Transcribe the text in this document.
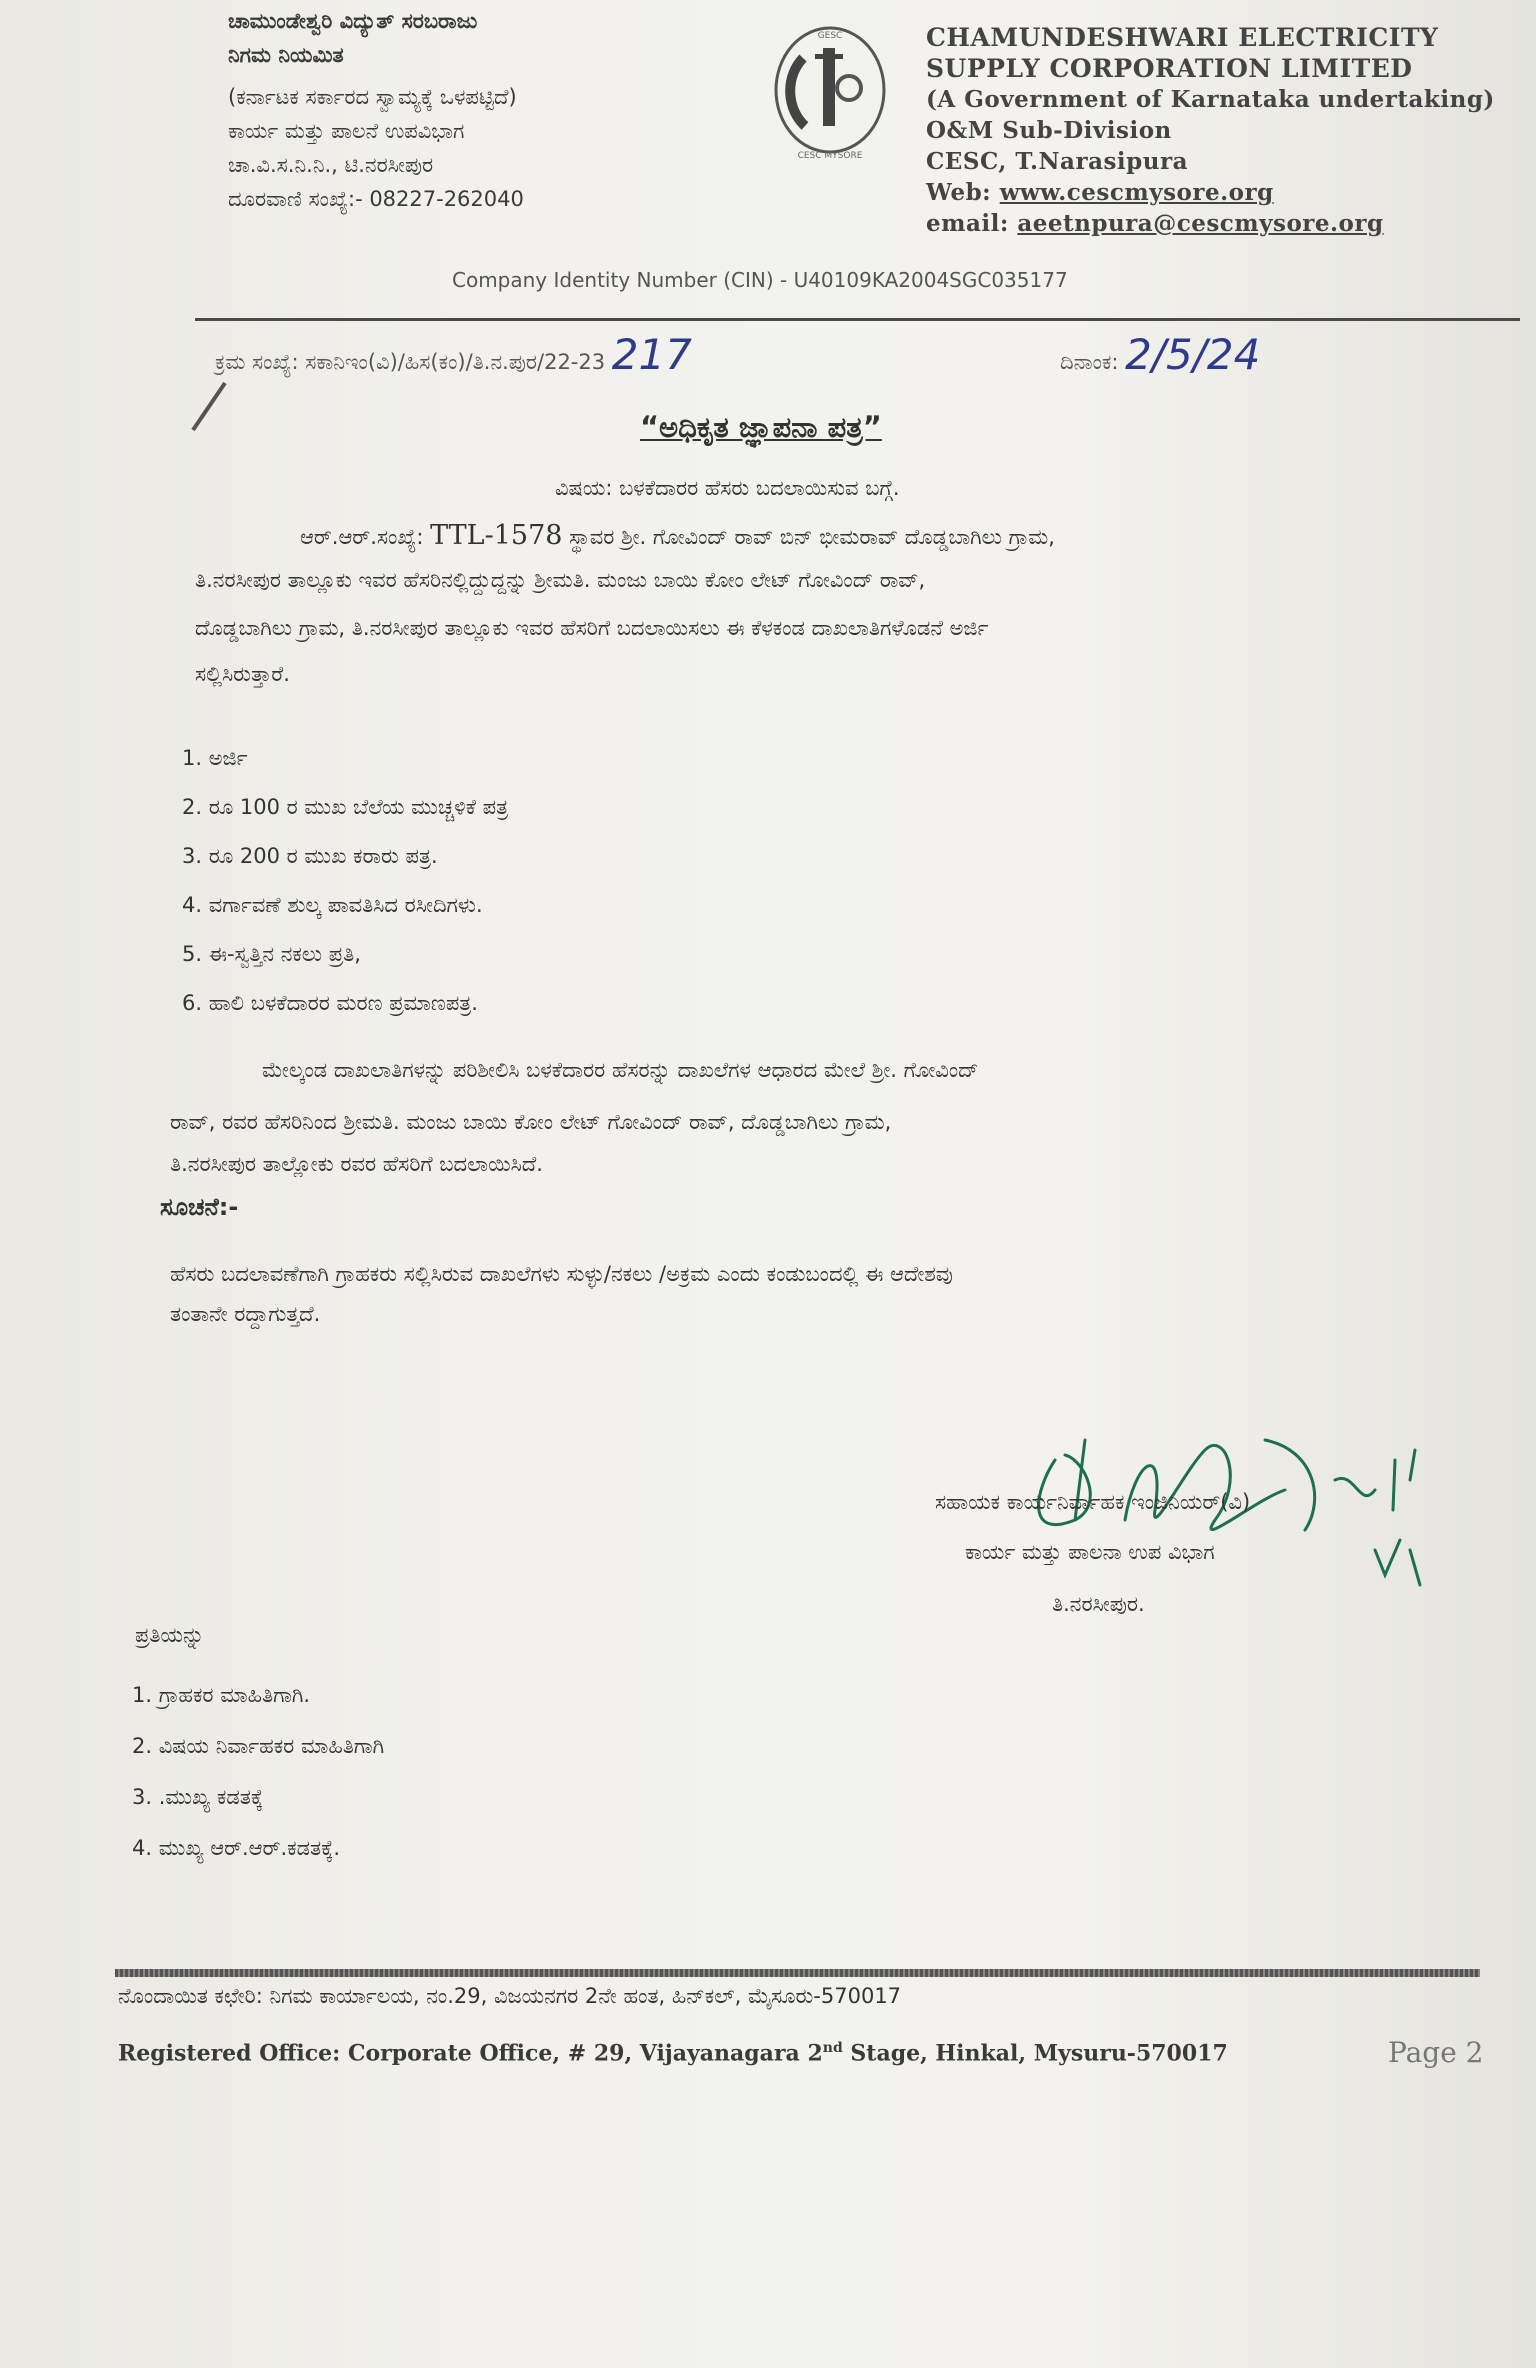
ಚಾಮುಂಡೇಶ್ವರಿ ವಿದ್ಯುತ್ ಸರಬರಾಜು
ನಿಗಮ ನಿಯಮಿತ
(ಕರ್ನಾಟಕ ಸರ್ಕಾರದ ಸ್ವಾಮ್ಯಕ್ಕೆ ಒಳಪಟ್ಟಿದೆ)
ಕಾರ್ಯ ಮತ್ತು ಪಾಲನೆ ಉಪವಿಭಾಗ
ಚಾ.ವಿ.ಸ.ನಿ.ನಿ., ಟಿ.ನರಸೀಪುರ
ದೂರವಾಣಿ ಸಂಖ್ಯೆ:- 08227-262040
GESC
CESC MYSORE
CHAMUNDESHWARI ELECTRICITY
SUPPLY CORPORATION LIMITED
(A Government of Karnataka undertaking)
O&M Sub-Division
CESC, T.Narasipura
Web: www.cescmysore.org
email: aeetnpura@cescmysore.org
Company Identity Number (CIN) - U40109KA2004SGC035177
ಕ್ರಮ ಸಂಖ್ಯೆ: ಸಕಾನಿಇಂ(ವಿ)/ಹಿಸ(ಕಂ)/ತಿ.ನ.ಪುರ/22-23 217	ದಿನಾಂಕ: 2/5/24
“ಅಧಿಕೃತ ಜ್ಞಾಪನಾ ಪತ್ರ”
ವಿಷಯ: ಬಳಕೆದಾರರ ಹೆಸರು ಬದಲಾಯಿಸುವ ಬಗ್ಗೆ.
ಆರ್.ಆರ್.ಸಂಖ್ಯೆ: TTL-1578 ಸ್ಥಾವರ ಶ್ರೀ. ಗೋವಿಂದ್ ರಾವ್ ಬಿನ್ ಭೀಮರಾವ್ ದೊಡ್ಡಬಾಗಿಲು ಗ್ರಾಮ,
ತಿ.ನರಸೀಪುರ ತಾಲ್ಲೂಕು ಇವರ ಹೆಸರಿನಲ್ಲಿದ್ದುದ್ದನ್ನು ಶ್ರೀಮತಿ. ಮಂಜು ಬಾಯಿ ಕೋಂ ಲೇಟ್ ಗೋವಿಂದ್ ರಾವ್,
ದೊಡ್ಡಬಾಗಿಲು ಗ್ರಾಮ, ತಿ.ನರಸೀಪುರ ತಾಲ್ಲೂಕು ಇವರ ಹೆಸರಿಗೆ ಬದಲಾಯಿಸಲು ಈ ಕೆಳಕಂಡ ದಾಖಲಾತಿಗಳೊಡನೆ ಅರ್ಜಿ
ಸಲ್ಲಿಸಿರುತ್ತಾರೆ.
1. ಅರ್ಜಿ
2. ರೂ 100 ರ ಮುಖ ಬೆಲೆಯ ಮುಚ್ಚಳಿಕೆ ಪತ್ರ
3. ರೂ 200 ರ ಮುಖ ಕರಾರು ಪತ್ರ.
4. ವರ್ಗಾವಣೆ ಶುಲ್ಕ ಪಾವತಿಸಿದ ರಸೀದಿಗಳು.
5. ಈ-ಸ್ವತ್ತಿನ ನಕಲು ಪ್ರತಿ,
6. ಹಾಲಿ ಬಳಕೆದಾರರ ಮರಣ ಪ್ರಮಾಣಪತ್ರ.
ಮೇಲ್ಕಂಡ ದಾಖಲಾತಿಗಳನ್ನು ಪರಿಶೀಲಿಸಿ ಬಳಕೆದಾರರ ಹೆಸರನ್ನು ದಾಖಲೆಗಳ ಆಧಾರದ ಮೇಲೆ ಶ್ರೀ. ಗೋವಿಂದ್
ರಾವ್, ರವರ ಹೆಸರಿನಿಂದ ಶ್ರೀಮತಿ. ಮಂಜು ಬಾಯಿ ಕೋಂ ಲೇಟ್ ಗೋವಿಂದ್ ರಾವ್, ದೊಡ್ಡಬಾಗಿಲು ಗ್ರಾಮ,
ತಿ.ನರಸೀಪುರ ತಾಲ್ಲೋಕು ರವರ ಹೆಸರಿಗೆ ಬದಲಾಯಿಸಿದೆ.
ಸೂಚನೆ:-
ಹೆಸರು ಬದಲಾವಣೆಗಾಗಿ ಗ್ರಾಹಕರು ಸಲ್ಲಿಸಿರುವ ದಾಖಲೆಗಳು ಸುಳ್ಳು/ನಕಲು /ಅಕ್ರಮ ಎಂದು ಕಂಡುಬಂದಲ್ಲಿ ಈ ಆದೇಶವು
ತಂತಾನೇ ರದ್ದಾಗುತ್ತದೆ.
ಸಹಾಯಕ ಕಾರ್ಯನಿರ್ವಾಹಕ ಇಂಜಿನಿಯರ್(ವಿ)
ಕಾರ್ಯ ಮತ್ತು ಪಾಲನಾ ಉಪ ವಿಭಾಗ
ತಿ.ನರಸೀಪುರ.
ಪ್ರತಿಯನ್ನು
1. ಗ್ರಾಹಕರ ಮಾಹಿತಿಗಾಗಿ.
2. ವಿಷಯ ನಿರ್ವಾಹಕರ ಮಾಹಿತಿಗಾಗಿ
3. .ಮುಖ್ಯ ಕಡತಕ್ಕೆ
4. ಮುಖ್ಯ ಆರ್.ಆರ್.ಕಡತಕ್ಕೆ.
ನೊಂದಾಯಿತ ಕಛೇರಿ: ನಿಗಮ ಕಾರ್ಯಾಲಯ, ನಂ.29, ವಿಜಯನಗರ 2ನೇ ಹಂತ, ಹಿನ್‌ಕಲ್, ಮೈಸೂರು-570017
Registered Office: Corporate Office, # 29, Vijayanagara 2nd Stage, Hinkal, Mysuru-570017	Page 2
